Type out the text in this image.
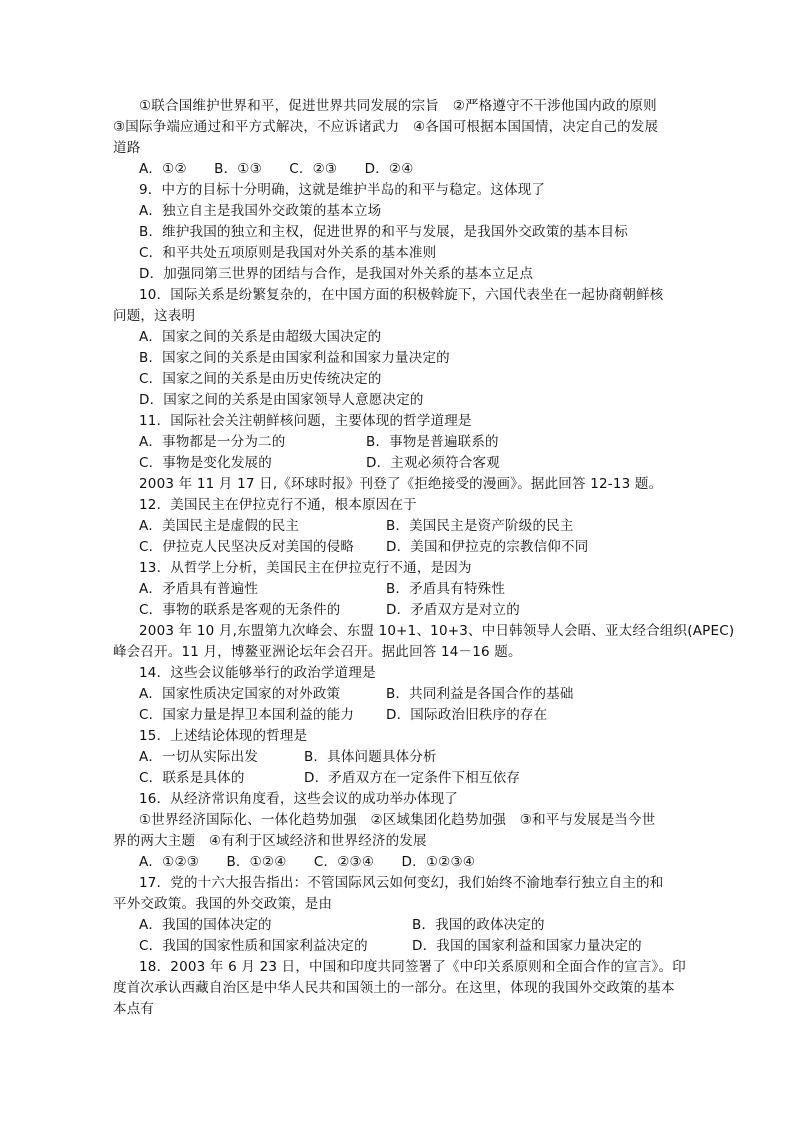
①联合国维护世界和平，促进世界共同发展的宗旨　②严格遵守不干涉他国内政的原则
③国际争端应通过和平方式解决，不应诉诸武力　④各国可根据本国国情，决定自己的发展
道路
A．①②　　B．①③　　C．②③　　D．②④
9．中方的目标十分明确，这就是维护半岛的和平与稳定。这体现了
A．独立自主是我国外交政策的基本立场
B．维护我国的独立和主权，促进世界的和平与发展，是我国外交政策的基本目标
C．和平共处五项原则是我国对外关系的基本准则
D．加强同第三世界的团结与合作，是我国对外关系的基本立足点
10．国际关系是纷繁复杂的，在中国方面的积极斡旋下，六国代表坐在一起协商朝鲜核
问题，这表明
A．国家之间的关系是由超级大国决定的
B．国家之间的关系是由国家利益和国家力量决定的
C．国家之间的关系是由历史传统决定的
D．国家之间的关系是由国家领导人意愿决定的
11．国际社会关注朝鲜核问题，主要体现的哲学道理是
A．事物都是一分为二的	B．事物是普遍联系的
C．事物是变化发展的	D．主观必须符合客观
2003 年 11 月 17 日,《环球时报》刊登了《拒绝接受的漫画》。据此回答 12-13 题。
12．美国民主在伊拉克行不通，根本原因在于
A．美国民主是虚假的民主	B．美国民主是资产阶级的民主
C．伊拉克人民坚决反对美国的侵略 D．美国和伊拉克的宗教信仰不同
13．从哲学上分析，美国民主在伊拉克行不通，是因为
A．矛盾具有普遍性	B．矛盾具有特殊性
C．事物的联系是客观的无条件的	D．矛盾双方是对立的
2003 年 10 月,东盟第九次峰会、东盟 10+1、10+3、中日韩领导人会晤、亚太经合组织(APEC)
峰会召开。11 月，博鳌亚洲论坛年会召开。据此回答 14－16 题。
14．这些会议能够举行的政治学道理是
A．国家性质决定国家的对外政策	B．共同利益是各国合作的基础
C．国家力量是捍卫本国利益的能力 D．国际政治旧秩序的存在
15．上述结论体现的哲理是
A．一切从实际出发	B．具体问题具体分析
C．联系是具体的	D．矛盾双方在一定条件下相互依存
16．从经济常识角度看，这些会议的成功举办体现了
①世界经济国际化、一体化趋势加强　②区域集团化趋势加强　③和平与发展是当今世
界的两大主题　④有利于区域经济和世界经济的发展
A．①②③　　B．①②④　　C．②③④　　D．①②③④
17．党的十六大报告指出：不管国际风云如何变幻，我们始终不渝地奉行独立自主的和
平外交政策。我国的外交政策，是由
A．我国的国体决定的	B．我国的政体决定的
C．我国的国家性质和国家利益决定的	D．我国的国家利益和国家力量决定的
18．2003 年 6 月 23 日，中国和印度共同签署了《中印关系原则和全面合作的宣言》。印
度首次承认西藏自治区是中华人民共和国领土的一部分。在这里，体现的我国外交政策的基本
本点有
